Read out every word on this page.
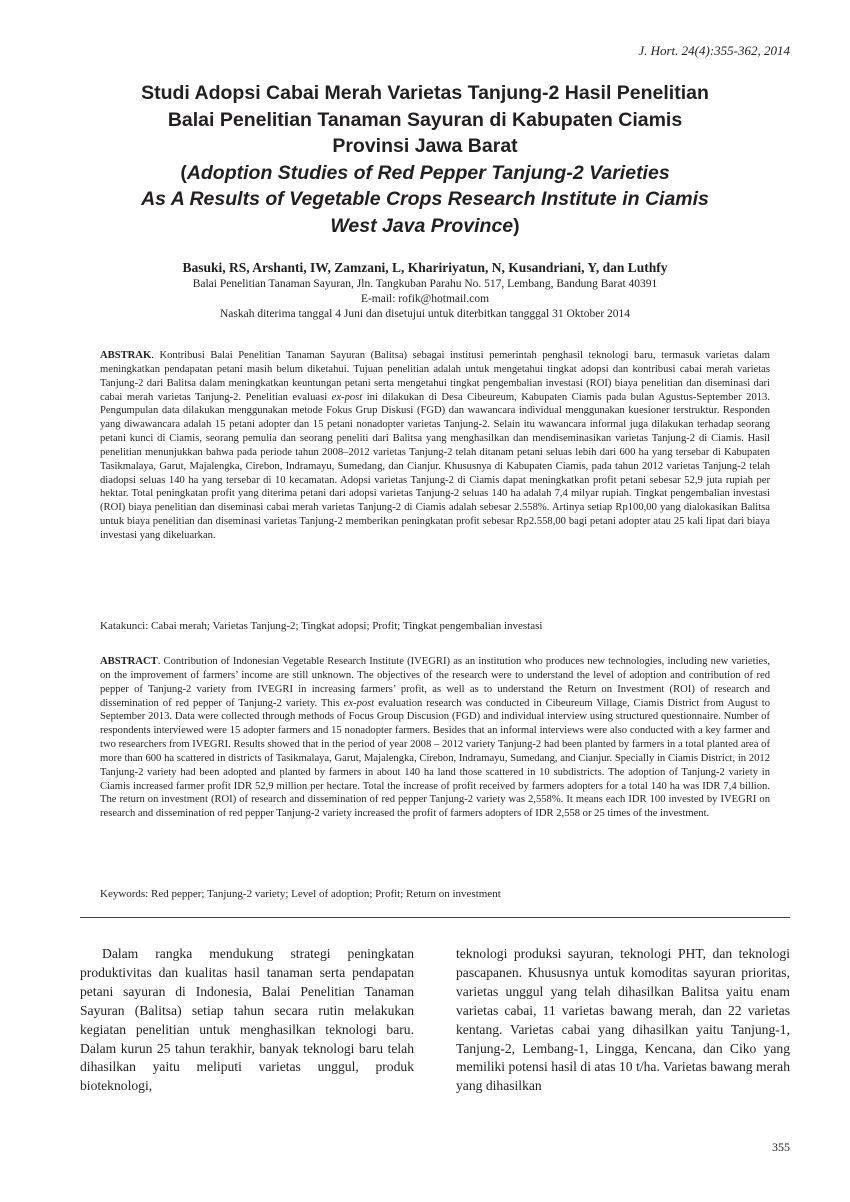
J. Hort. 24(4):355-362, 2014
Studi Adopsi Cabai Merah Varietas Tanjung-2 Hasil Penelitian
Balai Penelitian Tanaman Sayuran di Kabupaten Ciamis
Provinsi Jawa Barat
(Adoption Studies of Red Pepper Tanjung-2 Varieties
As A Results of Vegetable Crops Research Institute in Ciamis
West Java Province)
Basuki, RS, Arshanti, IW, Zamzani, L, Khaririyatun, N, Kusandriani, Y, dan Luthfy
Balai Penelitian Tanaman Sayuran, Jln. Tangkuban Parahu No. 517, Lembang, Bandung Barat 40391
E-mail: rofik@hotmail.com
Naskah diterima tanggal 4 Juni dan disetujui untuk diterbitkan tangggal 31 Oktober 2014
ABSTRAK. Kontribusi Balai Penelitian Tanaman Sayuran (Balitsa) sebagai institusi pemerintah penghasil teknologi baru, termasuk varietas dalam meningkatkan pendapatan petani masih belum diketahui. Tujuan penelitian adalah untuk mengetahui tingkat adopsi dan kontribusi cabai merah varietas Tanjung-2 dari Balitsa dalam meningkatkan keuntungan petani serta mengetahui tingkat pengembalian investasi (ROI) biaya penelitian dan diseminasi dari cabai merah varietas Tanjung-2. Penelitian evaluasi ex-post ini dilakukan di Desa Cibeureum, Kabupaten Ciamis pada bulan Agustus-September 2013. Pengumpulan data dilakukan menggunakan metode Fokus Grup Diskusi (FGD) dan wawancara individual menggunakan kuesioner terstruktur. Responden yang diwawancara adalah 15 petani adopter dan 15 petani nonadopter varietas Tanjung-2. Selain itu wawancara informal juga dilakukan terhadap seorang petani kunci di Ciamis, seorang pemulia dan seorang peneliti dari Balitsa yang menghasilkan dan mendiseminasikan varietas Tanjung-2 di Ciamis. Hasil penelitian menunjukkan bahwa pada periode tahun 2008–2012 varietas Tanjung-2 telah ditanam petani seluas lebih dari 600 ha yang tersebar di Kabupaten Tasikmalaya, Garut, Majalengka, Cirebon, Indramayu, Sumedang, dan Cianjur. Khususnya di Kabupaten Ciamis, pada tahun 2012 varietas Tanjung-2 telah diadopsi seluas 140 ha yang tersebar di 10 kecamatan. Adopsi varietas Tanjung-2 di Ciamis dapat meningkatkan profit petani sebesar 52,9 juta rupiah per hektar. Total peningkatan profit yang diterima petani dari adopsi varietas Tanjung-2 seluas 140 ha adalah 7,4 milyar rupiah. Tingkat pengembalian investasi (ROI) biaya penelitian dan diseminasi cabai merah varietas Tanjung-2 di Ciamis adalah sebesar 2.558%. Artinya setiap Rp100,00 yang dialokasikan Balitsa untuk biaya penelitian dan diseminasi varietas Tanjung-2 memberikan peningkatan profit sebesar Rp2.558,00 bagi petani adopter atau 25 kali lipat dari biaya investasi yang dikeluarkan.
Katakunci: Cabai merah; Varietas Tanjung-2; Tingkat adopsi; Profit; Tingkat pengembalian investasi
ABSTRACT. Contribution of Indonesian Vegetable Research Institute (IVEGRI) as an institution who produces new technologies, including new varieties, on the improvement of farmers’ income are still unknown. The objectives of the research were to understand the level of adoption and contribution of red pepper of Tanjung-2 variety from IVEGRI in increasing farmers’ profit, as well as to understand the Return on Investment (ROI) of research and dissemination of red pepper of Tanjung-2 variety. This ex-post evaluation research was conducted in Cibeureum Village, Ciamis District from August to September 2013. Data were collected through methods of Focus Group Discusion (FGD) and individual interview using structured questionnaire. Number of respondents interviewed were 15 adopter farmers and 15 nonadopter farmers. Besides that an informal interviews were also conducted with a key farmer and two researchers from IVEGRI. Results showed that in the period of year 2008 – 2012 variety Tanjung-2 had been planted by farmers in a total planted area of more than 600 ha scattered in districts of Tasikmalaya, Garut, Majalengka, Cirebon, Indramayu, Sumedang, and Cianjur. Specially in Ciamis District, in 2012 Tanjung-2 variety had been adopted and planted by farmers in about 140 ha land those scattered in 10 subdistricts. The adoption of Tanjung-2 variety in Ciamis increased farmer profit IDR 52,9 million per hectare. Total the increase of profit received by farmers adopters for a total 140 ha was IDR 7,4 billion. The return on investment (ROI) of research and dissemination of red pepper Tanjung-2 variety was 2,558%. It means each IDR 100 invested by IVEGRI on research and dissemination of red pepper Tanjung-2 variety increased the profit of farmers adopters of IDR 2,558 or 25 times of the investment.
Keywords: Red pepper; Tanjung-2 variety; Level of adoption; Profit; Return on investment
Dalam rangka mendukung strategi peningkatan produktivitas dan kualitas hasil tanaman serta pendapatan petani sayuran di Indonesia, Balai Penelitian Tanaman Sayuran (Balitsa) setiap tahun secara rutin melakukan kegiatan penelitian untuk menghasilkan teknologi baru. Dalam kurun 25 tahun terakhir, banyak teknologi baru telah dihasilkan yaitu meliputi varietas unggul, produk bioteknologi,
teknologi produksi sayuran, teknologi PHT, dan teknologi pascapanen. Khususnya untuk komoditas sayuran prioritas, varietas unggul yang telah dihasilkan Balitsa yaitu enam varietas cabai, 11 varietas bawang merah, dan 22 varietas kentang. Varietas cabai yang dihasilkan yaitu Tanjung-1, Tanjung-2, Lembang-1, Lingga, Kencana, dan Ciko yang memiliki potensi hasil di atas 10 t/ha. Varietas bawang merah yang dihasilkan
355
